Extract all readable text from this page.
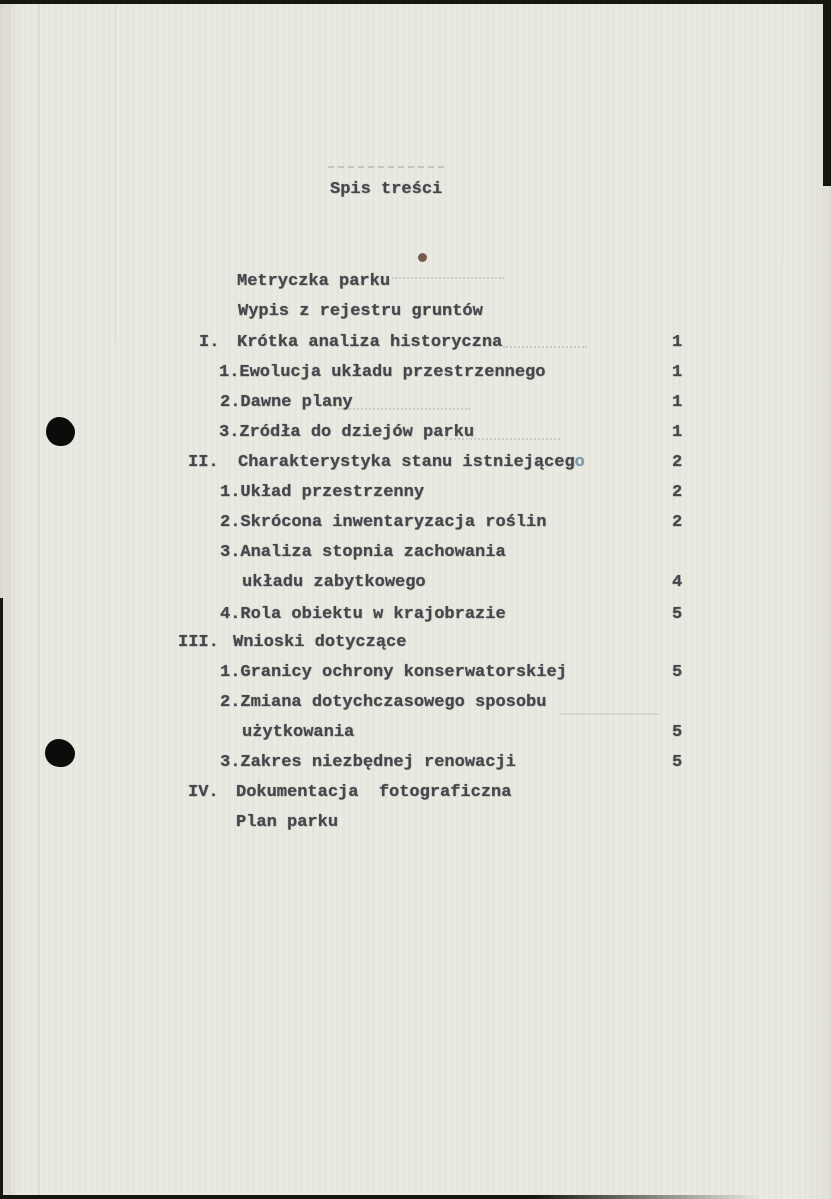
Spis treści
Metryczka parku
Wypis z rejestru gruntów
I. Krótka analiza historyczna	1
1.Ewolucja układu przestrzennego	1
2.Dawne plany	1
3.Zródła do dziejów parku	1
II. Charakterystyka stanu istniejącego	2
1.Układ przestrzenny	2
2.Skrócona inwentaryzacja roślin	2
3.Analiza stopnia zachowania
układu zabytkowego	4
4.Rola obiektu w krajobrazie	5
III. Wnioski dotyczące
1.Granicy ochrony konserwatorskiej	5
2.Zmiana dotychczasowego sposobu
użytkowania	5
3.Zakres niezbędnej renowacji	5
IV. Dokumentacja  fotograficzna
Plan parku
